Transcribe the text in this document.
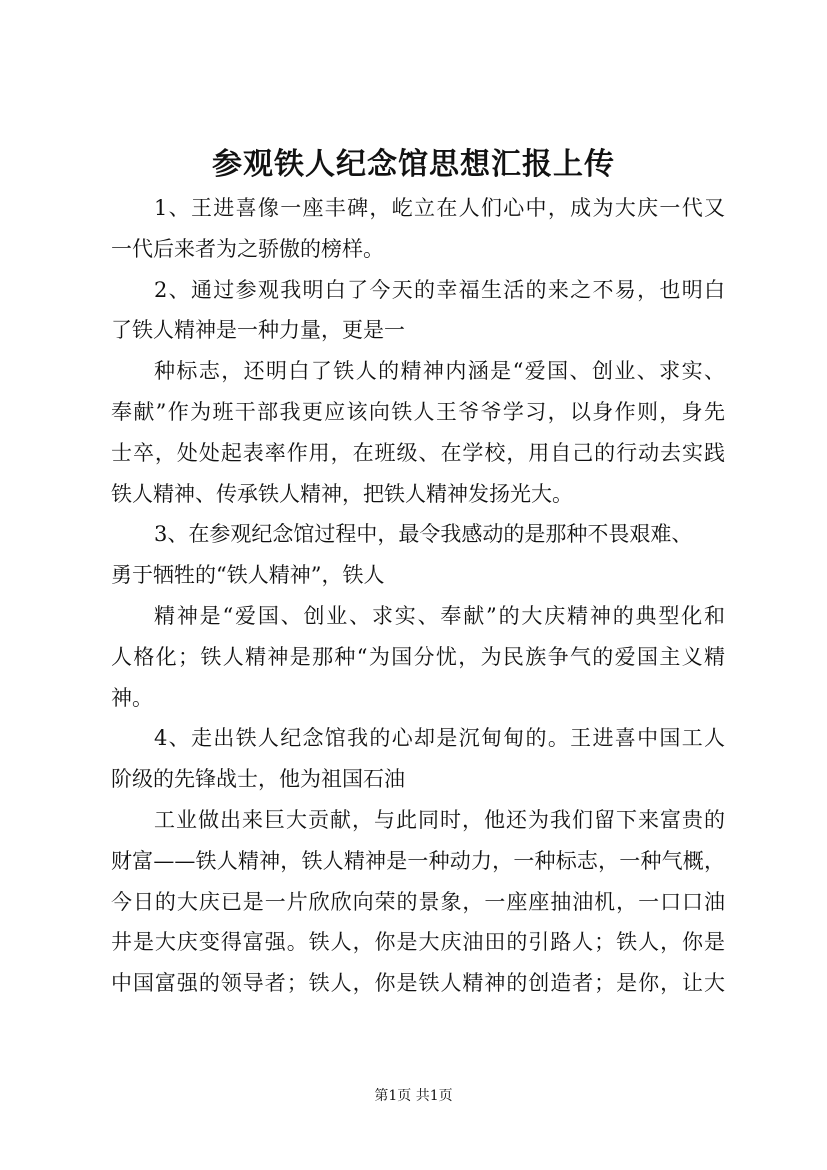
参观铁人纪念馆思想汇报上传
1、王进喜像一座丰碑，屹立在人们心中，成为大庆一代又
一代后来者为之骄傲的榜样。
2、通过参观我明白了今天的幸福生活的来之不易，也明白
了铁人精神是一种力量，更是一
种标志，还明白了铁人的精神内涵是“爱国、创业、求实、
奉献”作为班干部我更应该向铁人王爷爷学习，以身作则，身先
士卒，处处起表率作用，在班级、在学校，用自己的行动去实践
铁人精神、传承铁人精神，把铁人精神发扬光大。
3、在参观纪念馆过程中，最令我感动的是那种不畏艰难、
勇于牺牲的“铁人精神”，铁人
精神是“爱国、创业、求实、奉献”的大庆精神的典型化和
人格化；铁人精神是那种“为国分忧，为民族争气的爱国主义精
神。
4、走出铁人纪念馆我的心却是沉甸甸的。王进喜中国工人
阶级的先锋战士，他为祖国石油
工业做出来巨大贡献，与此同时，他还为我们留下来富贵的
财富——铁人精神，铁人精神是一种动力，一种标志，一种气概，
今日的大庆已是一片欣欣向荣的景象，一座座抽油机，一口口油
井是大庆变得富强。铁人，你是大庆油田的引路人；铁人，你是
中国富强的领导者；铁人，你是铁人精神的创造者；是你，让大
第1页 共1页
